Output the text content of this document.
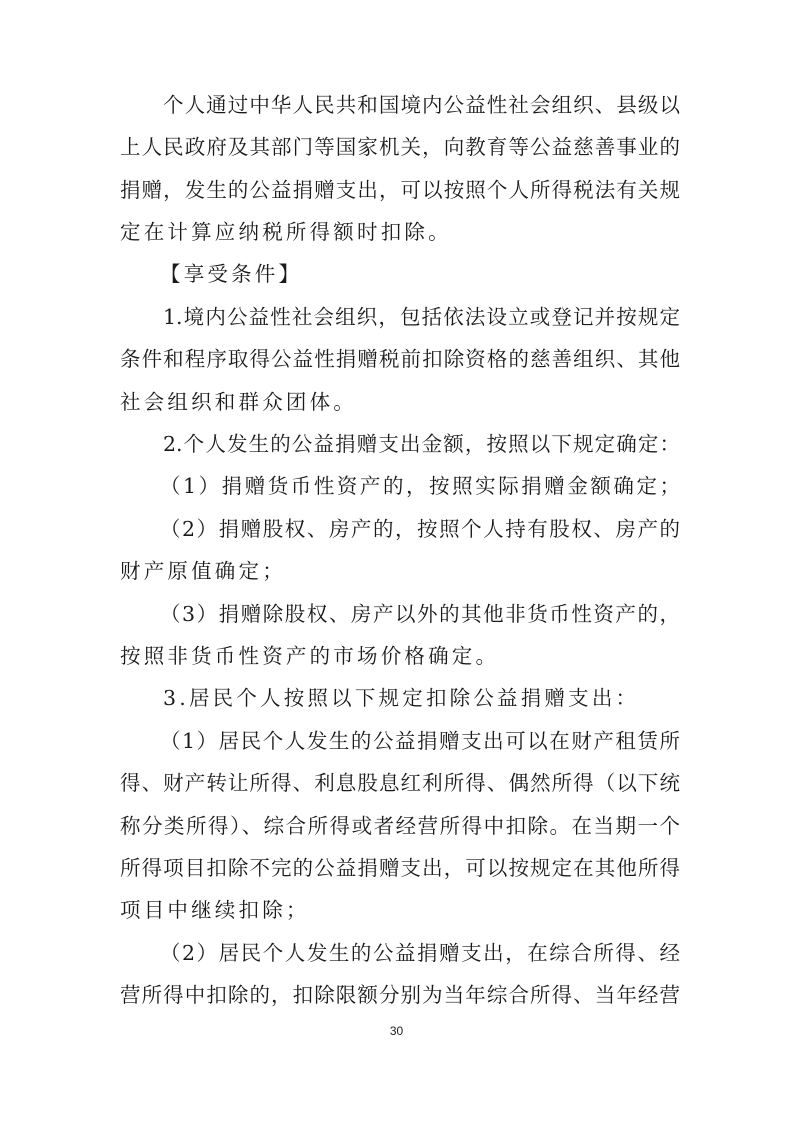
个人通过中华人民共和国境内公益性社会组织、县级以
上人民政府及其部门等国家机关，向教育等公益慈善事业的
捐赠，发生的公益捐赠支出，可以按照个人所得税法有关规
定在计算应纳税所得额时扣除。
【享受条件】
1.境内公益性社会组织，包括依法设立或登记并按规定
条件和程序取得公益性捐赠税前扣除资格的慈善组织、其他
社会组织和群众团体。
2.个人发生的公益捐赠支出金额，按照以下规定确定：
（1）捐赠货币性资产的，按照实际捐赠金额确定；
（2）捐赠股权、房产的，按照个人持有股权、房产的
财产原值确定；
（3）捐赠除股权、房产以外的其他非货币性资产的，
按照非货币性资产的市场价格确定。
3.居民个人按照以下规定扣除公益捐赠支出：
（1）居民个人发生的公益捐赠支出可以在财产租赁所
得、财产转让所得、利息股息红利所得、偶然所得（以下统
称分类所得）、综合所得或者经营所得中扣除。在当期一个
所得项目扣除不完的公益捐赠支出，可以按规定在其他所得
项目中继续扣除；
（2）居民个人发生的公益捐赠支出，在综合所得、经
营所得中扣除的，扣除限额分别为当年综合所得、当年经营
30
